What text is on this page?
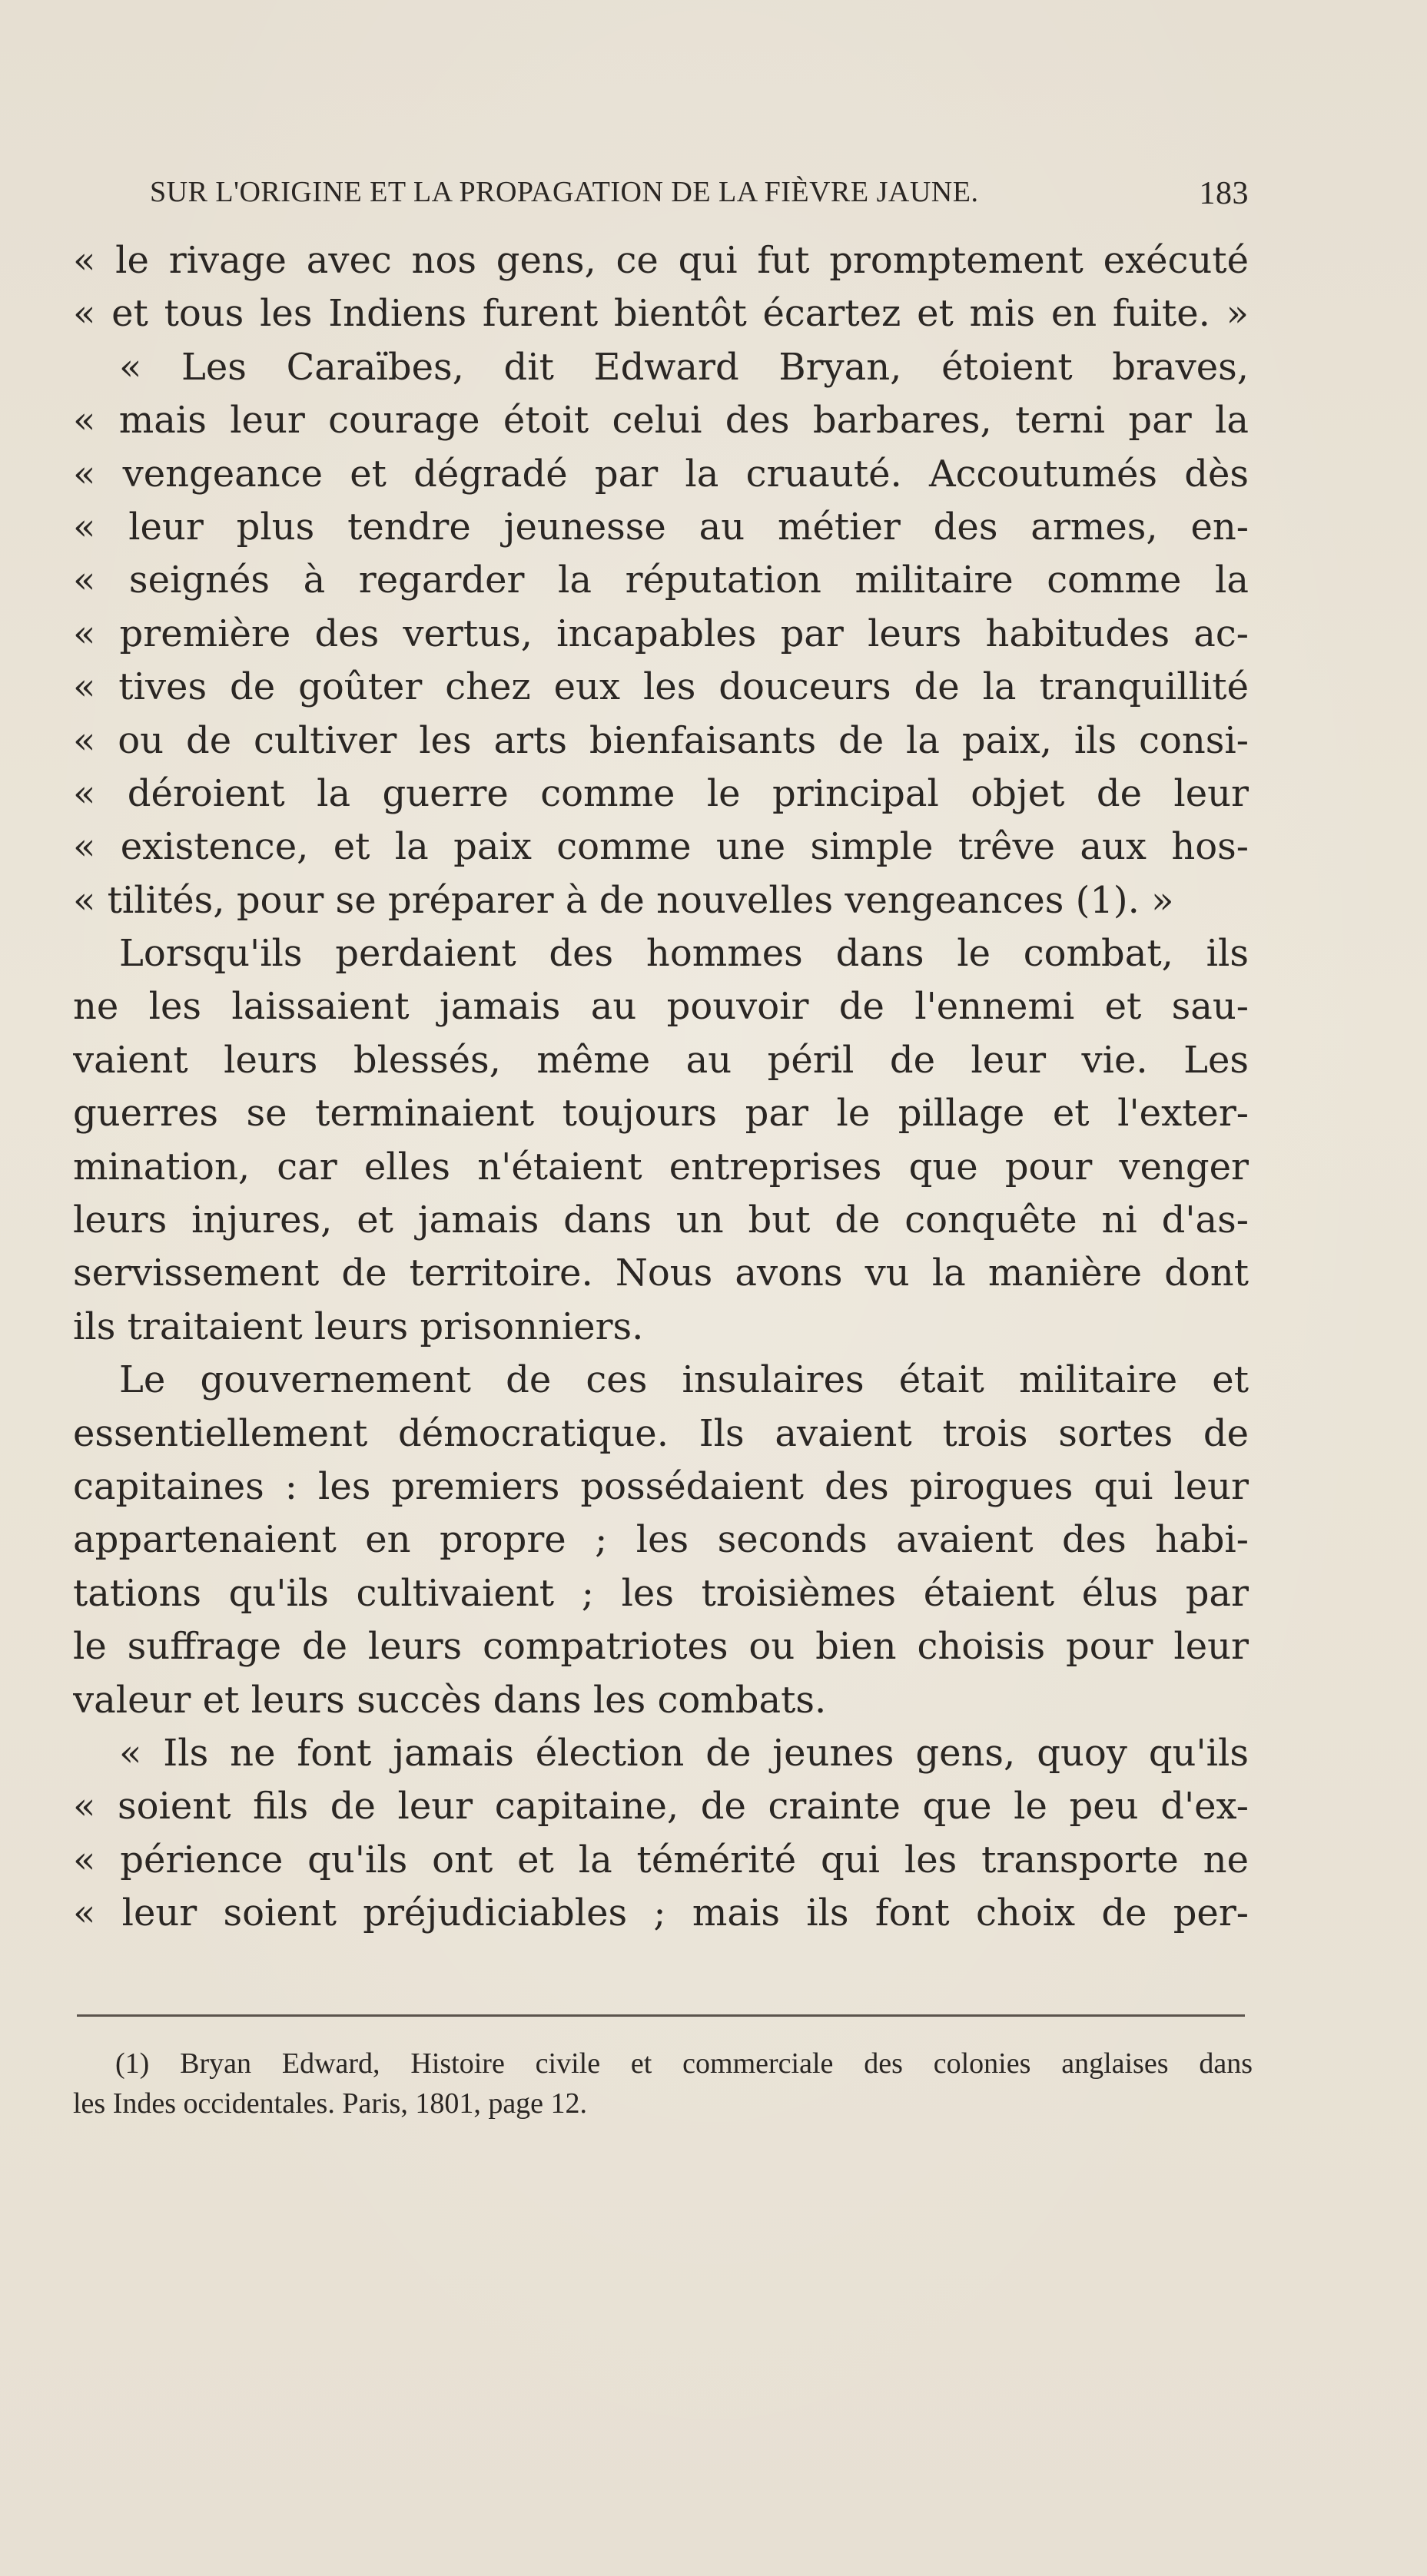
SUR L'ORIGINE ET LA PROPAGATION DE LA FIÈVRE JAUNE.	183
« le rivage avec nos gens, ce qui fut promptement exécuté
« et tous les Indiens furent bientôt écartez et mis en fuite. »
« Les Caraïbes, dit Edward Bryan, étoient braves,
« mais leur courage étoit celui des barbares, terni par la
« vengeance et dégradé par la cruauté. Accoutumés dès
« leur plus tendre jeunesse au métier des armes, en-
« seignés à regarder la réputation militaire comme la
« première des vertus, incapables par leurs habitudes ac-
« tives de goûter chez eux les douceurs de la tranquillité
« ou de cultiver les arts bienfaisants de la paix, ils consi-
« déroient la guerre comme le principal objet de leur
« existence, et la paix comme une simple trêve aux hos-
« tilités, pour se préparer à de nouvelles vengeances (1). »
Lorsqu'ils perdaient des hommes dans le combat, ils
ne les laissaient jamais au pouvoir de l'ennemi et sau-
vaient leurs blessés, même au péril de leur vie. Les
guerres se terminaient toujours par le pillage et l'exter-
mination, car elles n'étaient entreprises que pour venger
leurs injures, et jamais dans un but de conquête ni d'as-
servissement de territoire. Nous avons vu la manière dont
ils traitaient leurs prisonniers.
Le gouvernement de ces insulaires était militaire et
essentiellement démocratique. Ils avaient trois sortes de
capitaines : les premiers possédaient des pirogues qui leur
appartenaient en propre ; les seconds avaient des habi-
tations qu'ils cultivaient ; les troisièmes étaient élus par
le suffrage de leurs compatriotes ou bien choisis pour leur
valeur et leurs succès dans les combats.
« Ils ne font jamais élection de jeunes gens, quoy qu'ils
« soient fils de leur capitaine, de crainte que le peu d'ex-
« périence qu'ils ont et la témérité qui les transporte ne
« leur soient préjudiciables ; mais ils font choix de per-
(1) Bryan Edward, Histoire civile et commerciale des colonies anglaises dans
les Indes occidentales. Paris, 1801, page 12.
